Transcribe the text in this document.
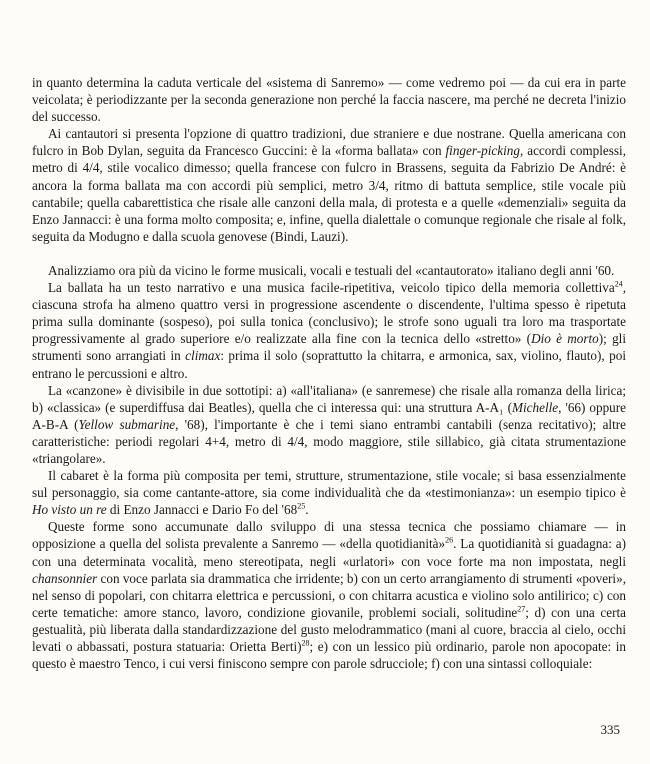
in quanto determina la caduta verticale del «sistema di Sanremo» — come vedremo poi — da cui era in parte veicolata; è periodizzante per la seconda generazione non perché la faccia nascere, ma perché ne decreta l'inizio del successo.

Ai cantautori si presenta l'opzione di quattro tradizioni, due straniere e due nostrane. Quella americana con fulcro in Bob Dylan, seguita da Francesco Guccini: è la «forma ballata» con finger-picking, accordi complessi, metro di 4/4, stile vocalico dimesso; quella francese con fulcro in Brassens, seguita da Fabrizio De André: è ancora la forma ballata ma con accordi più semplici, metro 3/4, ritmo di battuta semplice, stile vocale più cantabile; quella cabarettistica che risale alle canzoni della mala, di protesta e a quelle «demenziali» seguita da Enzo Jannacci: è una forma molto composita; e, infine, quella dialettale o comunque regionale che risale al folk, seguita da Modugno e dalla scuola genovese (Bindi, Lauzi).

Analizziamo ora più da vicino le forme musicali, vocali e testuali del «cantautorato» italiano degli anni '60.

La ballata ha un testo narrativo e una musica facile-ripetitiva, veicolo tipico della memoria collettiva$^{24}$, ciascuna strofa ha almeno quattro versi in progressione ascendente o discendente, l'ultima spesso è ripetuta prima sulla dominante (sospeso), poi sulla tonica (conclusivo); le strofe sono uguali tra loro ma trasportate progressivamente al grado superiore e/o realizzate alla fine con la tecnica dello «stretto» (Dio è morto); gli strumenti sono arrangiati in climax: prima il solo (soprattutto la chitarra, e armonica, sax, violino, flauto), poi entrano le percussioni e altro.

La «canzone» è divisibile in due sottotipi: a) «all'italiana» (e sanremese) che risale alla romanza della lirica; b) «classica» (e superdiffusa dai Beatles), quella che ci interessa qui: una struttura A-A₁ (Michelle, '66) oppure A-B-A (Yellow submarine, '68), l'importante è che i temi siano entrambi cantabili (senza recitativo); altre caratteristiche: periodi regolari 4+4, metro di 4/4, modo maggiore, stile sillabico, già citata strumentazione «triangolare».

Il cabaret è la forma più composita per temi, strutture, strumentazione, stile vocale; si basa essenzialmente sul personaggio, sia come cantante-attore, sia come individualità che da «testimonianza»: un esempio tipico è Ho visto un re di Enzo Jannacci e Dario Fo del '$68^{25}$.

Queste forme sono accumunate dallo sviluppo di una stessa tecnica che possiamo chiamare — in opposizione a quella del solista prevalente a Sanremo — «della quotidianità»$^{26}$. La quotidianità si guadagna: a) con una determinata vocalità, meno stereotipata, negli «urlatori» con voce forte ma non impostata, negli chansonnier con voce parlata sia drammatica che irridente; b) con un certo arrangiamento di strumenti «poveri», nel senso di popolari, con chitarra elettrica e percussioni, o con chitarra acustica e violino solo antilirico; c) con certe tematiche: amore stanco, lavoro, condizione giovanile, problemi sociali, solitudine$^{27}$; d) con una certa gestualità, più liberata dalla standardizzazione del gusto melodrammatico (mani al cuore, braccia al cielo, occhi levati o abbassati, postura statuaria: Orietta Berti)$^{28}$; e) con un lessico più ordinario, parole non apocopate: in questo è maestro Tenco, i cui versi finiscono sempre con parole sdrucciole; f) con una sintassi colloquiale:

335
